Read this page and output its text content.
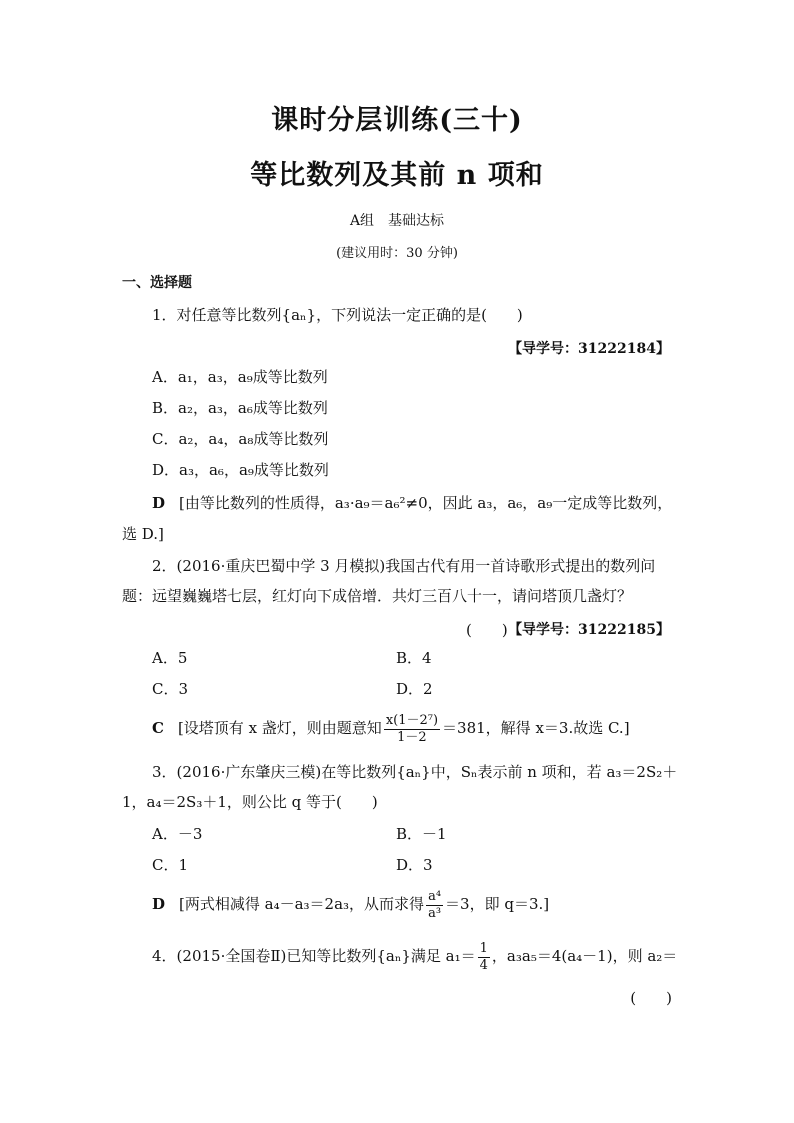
课时分层训练(三十)
等比数列及其前 n 项和
A组　基础达标
(建议用时：30 分钟)
一、选择题
1．对任意等比数列{aₙ}，下列说法一定正确的是(　　)
【导学号：31222184】
A．a₁，a₃，a₉成等比数列
B．a₂，a₃，a₆成等比数列
C．a₂，a₄，a₈成等比数列
D．a₃，a₆，a₉成等比数列
D [由等比数列的性质得，a₃·a₉＝a₆²≠0，因此 a₃，a₆，a₉一定成等比数列，
选 D.]
2．(2016·重庆巴蜀中学 3 月模拟)我国古代有用一首诗歌形式提出的数列问
题：远望巍巍塔七层，红灯向下成倍增．共灯三百八十一，请问塔顶几盏灯？
(　　) 【导学号：31222185】
A．5	B．4
C．3	D．2
C [设塔顶有 x 盏灯，则由题意知 $\frac{\text{x(1－2⁷)}}{1-2} =381$，解得 x＝3.故选 C.]
3．(2016·广东肇庆三模)在等比数列{aₙ}中，Sₙ表示前 n 项和，若 a₃＝2S₂＋
1，a₄＝2S₃＋1，则公比 q 等于(　　)
A．－3	B．－1
C．1	D．3
D [两式相减得 a₄－a₃＝2a₃，从而求得 $\frac{\text{a⁴}}{\text{a³}} =3$，即 q＝3.]
4．(2015·全国卷Ⅱ)已知等比数列{aₙ}满足 $a_1= \frac{1}{4}$ ，a₃a₅＝4(a₄－1)，则 a₂＝
(　　)
